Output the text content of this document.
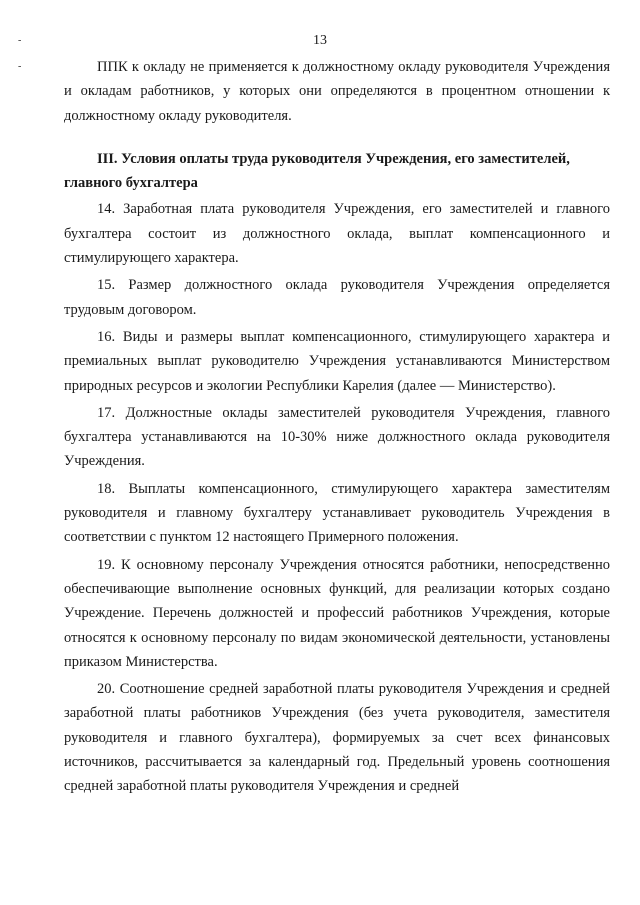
13
-
-	ППК к окладу не применяется к должностному окладу руководителя Учреждения и окладам работников, у которых они определяются в процентном отношении к должностному окладу руководителя.

III. Условия оплаты труда руководителя Учреждения, его заместителей, главного бухгалтера

14. Заработная плата руководителя Учреждения, его заместителей и главного бухгалтера состоит из должностного оклада, выплат компенсационного и стимулирующего характера.

15. Размер должностного оклада руководителя Учреждения определяется трудовым договором.

16. Виды и размеры выплат компенсационного, стимулирующего характера и премиальных выплат руководителю Учреждения устанавливаются Министерством природных ресурсов и экологии Республики Карелия (далее — Министерство).

17. Должностные оклады заместителей руководителя Учреждения, главного бухгалтера устанавливаются на 10-30% ниже должностного оклада руководителя Учреждения.

18. Выплаты компенсационного, стимулирующего характера заместителям руководителя и главному бухгалтеру устанавливает руководитель Учреждения в соответствии с пунктом 12 настоящего Примерного положения.

19. К основному персоналу Учреждения относятся работники, непосредственно обеспечивающие выполнение основных функций, для реализации которых создано Учреждение. Перечень должностей и профессий работников Учреждения, которые относятся к основному персоналу по видам экономической деятельности, установлены приказом Министерства.

20. Соотношение средней заработной платы руководителя Учреждения и средней заработной платы работников Учреждения (без учета руководителя, заместителя руководителя и главного бухгалтера), формируемых за счет всех финансовых источников, рассчитывается за календарный год. Предельный уровень соотношения средней заработной платы руководителя Учреждения и средней
